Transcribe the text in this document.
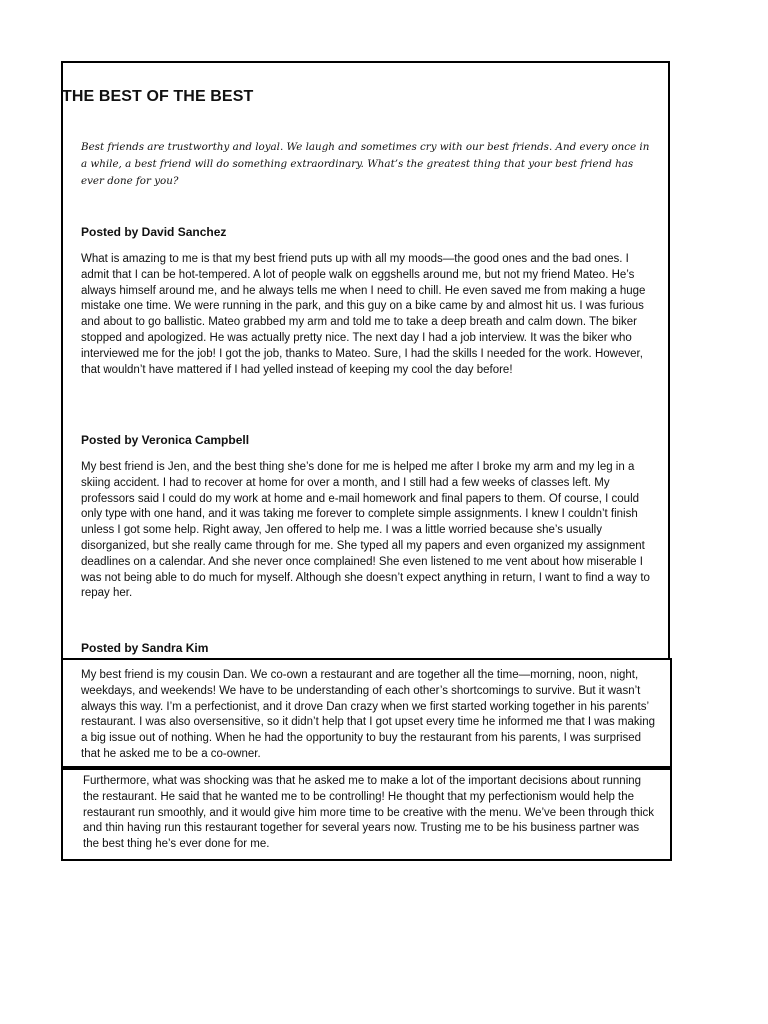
THE BEST OF THE BEST

Best friends are trustworthy and loyal. We laugh and sometimes cry with our best friends. And every once in a while, a best friend will do something extraordinary. What’s the greatest thing that your best friend has ever done for you?

Posted by David Sanchez

What is amazing to me is that my best friend puts up with all my moods—the good ones and the bad ones. I admit that I can be hot-tempered. A lot of people walk on eggshells around me, but not my friend Mateo. He’s always himself around me, and he always tells me when I need to chill. He even saved me from making a huge mistake one time. We were running in the park, and this guy on a bike came by and almost hit us. I was furious and about to go ballistic. Mateo grabbed my arm and told me to take a deep breath and calm down. The biker stopped and apologized. He was actually pretty nice. The next day I had a job interview. It was the biker who interviewed me for the job! I got the job, thanks to Mateo. Sure, I had the skills I needed for the work. However, that wouldn’t have mattered if I had yelled instead of keeping my cool the day before!

Posted by Veronica Campbell

My best friend is Jen, and the best thing she’s done for me is helped me after I broke my arm and my leg in a skiing accident. I had to recover at home for over a month, and I still had a few weeks of classes left. My professors said I could do my work at home and e-mail homework and final papers to them. Of course, I could only type with one hand, and it was taking me forever to complete simple assignments. I knew I couldn’t finish unless I got some help. Right away, Jen offered to help me. I was a little worried because she’s usually disorganized, but she really came through for me. She typed all my papers and even organized my assignment deadlines on a calendar. And she never once complained! She even listened to me vent about how miserable I was not being able to do much for myself. Although she doesn’t expect anything in return, I want to find a way to repay her.

Posted by Sandra Kim

My best friend is my cousin Dan. We co-own a restaurant and are together all the time—morning, noon, night, weekdays, and weekends! We have to be understanding of each other’s shortcomings to survive. But it wasn’t always this way. I’m a perfectionist, and it drove Dan crazy when we first started working together in his parents’ restaurant. I was also oversensitive, so it didn’t help that I got upset every time he informed me that I was making a big issue out of nothing. When he had the opportunity to buy the restaurant from his parents, I was surprised that he asked me to be a co-owner.

Furthermore, what was shocking was that he asked me to make a lot of the important decisions about running the restaurant. He said that he wanted me to be controlling! He thought that my perfectionism would help the restaurant run smoothly, and it would give him more time to be creative with the menu. We’ve been through thick and thin having run this restaurant together for several years now. Trusting me to be his business partner was the best thing he’s ever done for me.
